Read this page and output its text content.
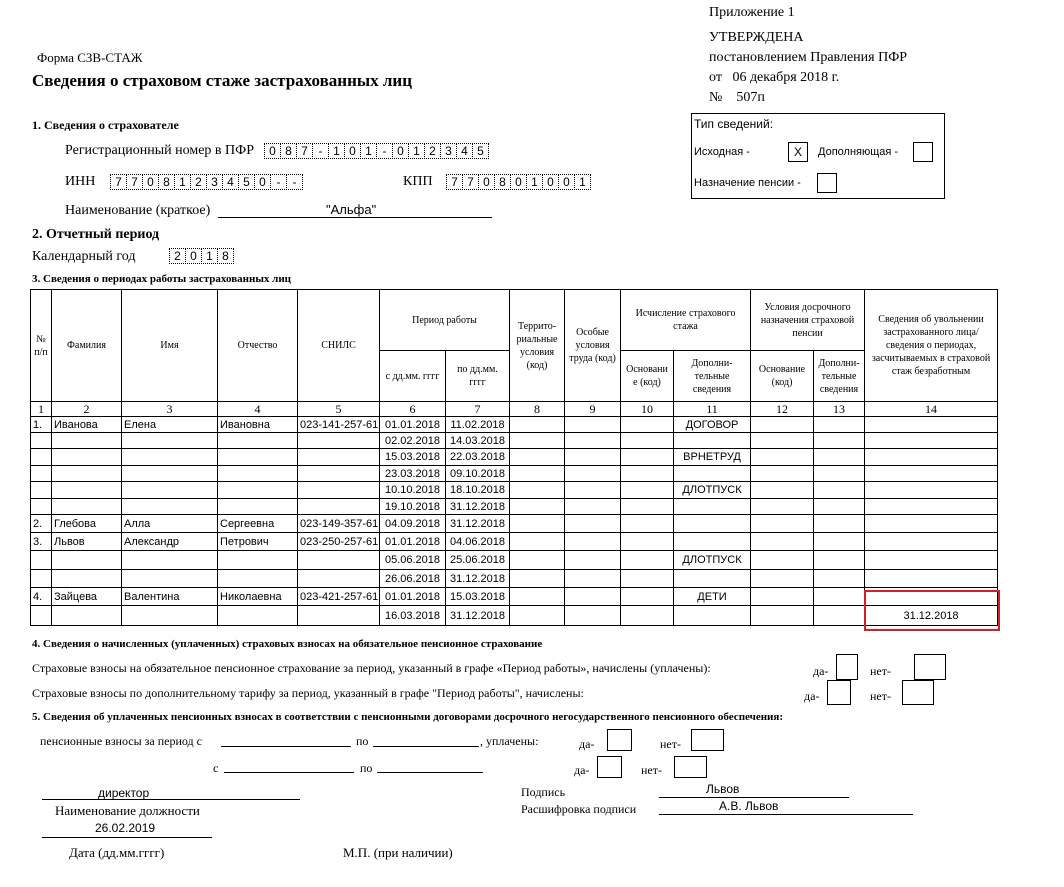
Приложение 1
УТВЕРЖДЕНА
постановлением Правления ПФР
от 06 декабря 2018 г.
№ 507п
Форма СЗВ-СТАЖ
Сведения о страховом стаже застрахованных лиц
1. Сведения о страхователе
Регистрационный номер в ПФР	0 8 7 - 1 0 1 - 0 1 2 3 4 5
ИНН	7 7 0 8 1 2 3 4 5 0 -	-	КПП	7 7 0 8 0 1 0 0 1
Наименование (краткое)	"Альфа"
Тип сведений:
Исходная -	X	Дополняющая -
Назначение пенсии -
2. Отчетный период
Календарный год	2 0 1 8
3. Сведения о периодах работы застрахованных лиц
№ п/п	Фамилия	Имя	Отчество	СНИЛС	Период работы		Террито-риальные условия (код)	Особые условия труда (код)	Исчисление страхового стажа		Условия досрочного назначения страховой пенсии		Сведения об увольнении застрахованного лица/сведения о периодах, засчитываемых в страховой стаж безработным
					с дд.мм. гггг	по дд.мм. гггг			Основани е (код)	Дополни-тельные сведения	Основание (код)	Дополни-тельные сведения	
1	2	3	4	5	6	7	8	9	10	11	12	13	14
1.	Иванова	Елена	Ивановна	023-141-257-61	01.01.2018	11.02.2018				ДОГОВОР			
					02.02.2018	14.03.2018							
					15.03.2018	22.03.2018				ВРНЕТРУД			
					23.03.2018	09.10.2018							
					10.10.2018	18.10.2018				ДЛОТПУСК			
					19.10.2018	31.12.2018							
2.	Глебова	Алла	Сергеевна	023-149-357-61	04.09.2018	31.12.2018							
3.	Львов	Александр	Петрович	023-250-257-61	01.01.2018	04.06.2018							
					05.06.2018	25.06.2018				ДЛОТПУСК			
					26.06.2018	31.12.2018							
4.	Зайцева	Валентина	Николаевна	023-421-257-61	01.01.2018	15.03.2018				ДЕТИ			
					16.03.2018	31.12.2018							31.12.2018
4. Сведения о начисленных (уплаченных) страховых взносах на обязательное пенсионное страхование
Страховые взносы на обязательное пенсионное страхование за период, указанный в графе «Период работы», начислены (уплачены):	да-	нет-
Страховые взносы по дополнительному тарифу за период, указанный в графе "Период работы", начислены:	да-	нет-
5. Сведения об уплаченных пенсионных взносах в соответствии с пенсионными договорами досрочного негосударственного пенсионного обеспечения:
пенсионные взносы за период с	по	, уплачены:	да-	нет-
с	по	да-	нет-
директор
Наименование должности
26.02.2019
Дата (дд.мм.гггг)	М.П. (при наличии)
Подпись	Львов
Расшифровка подписи	А.В. Львов
